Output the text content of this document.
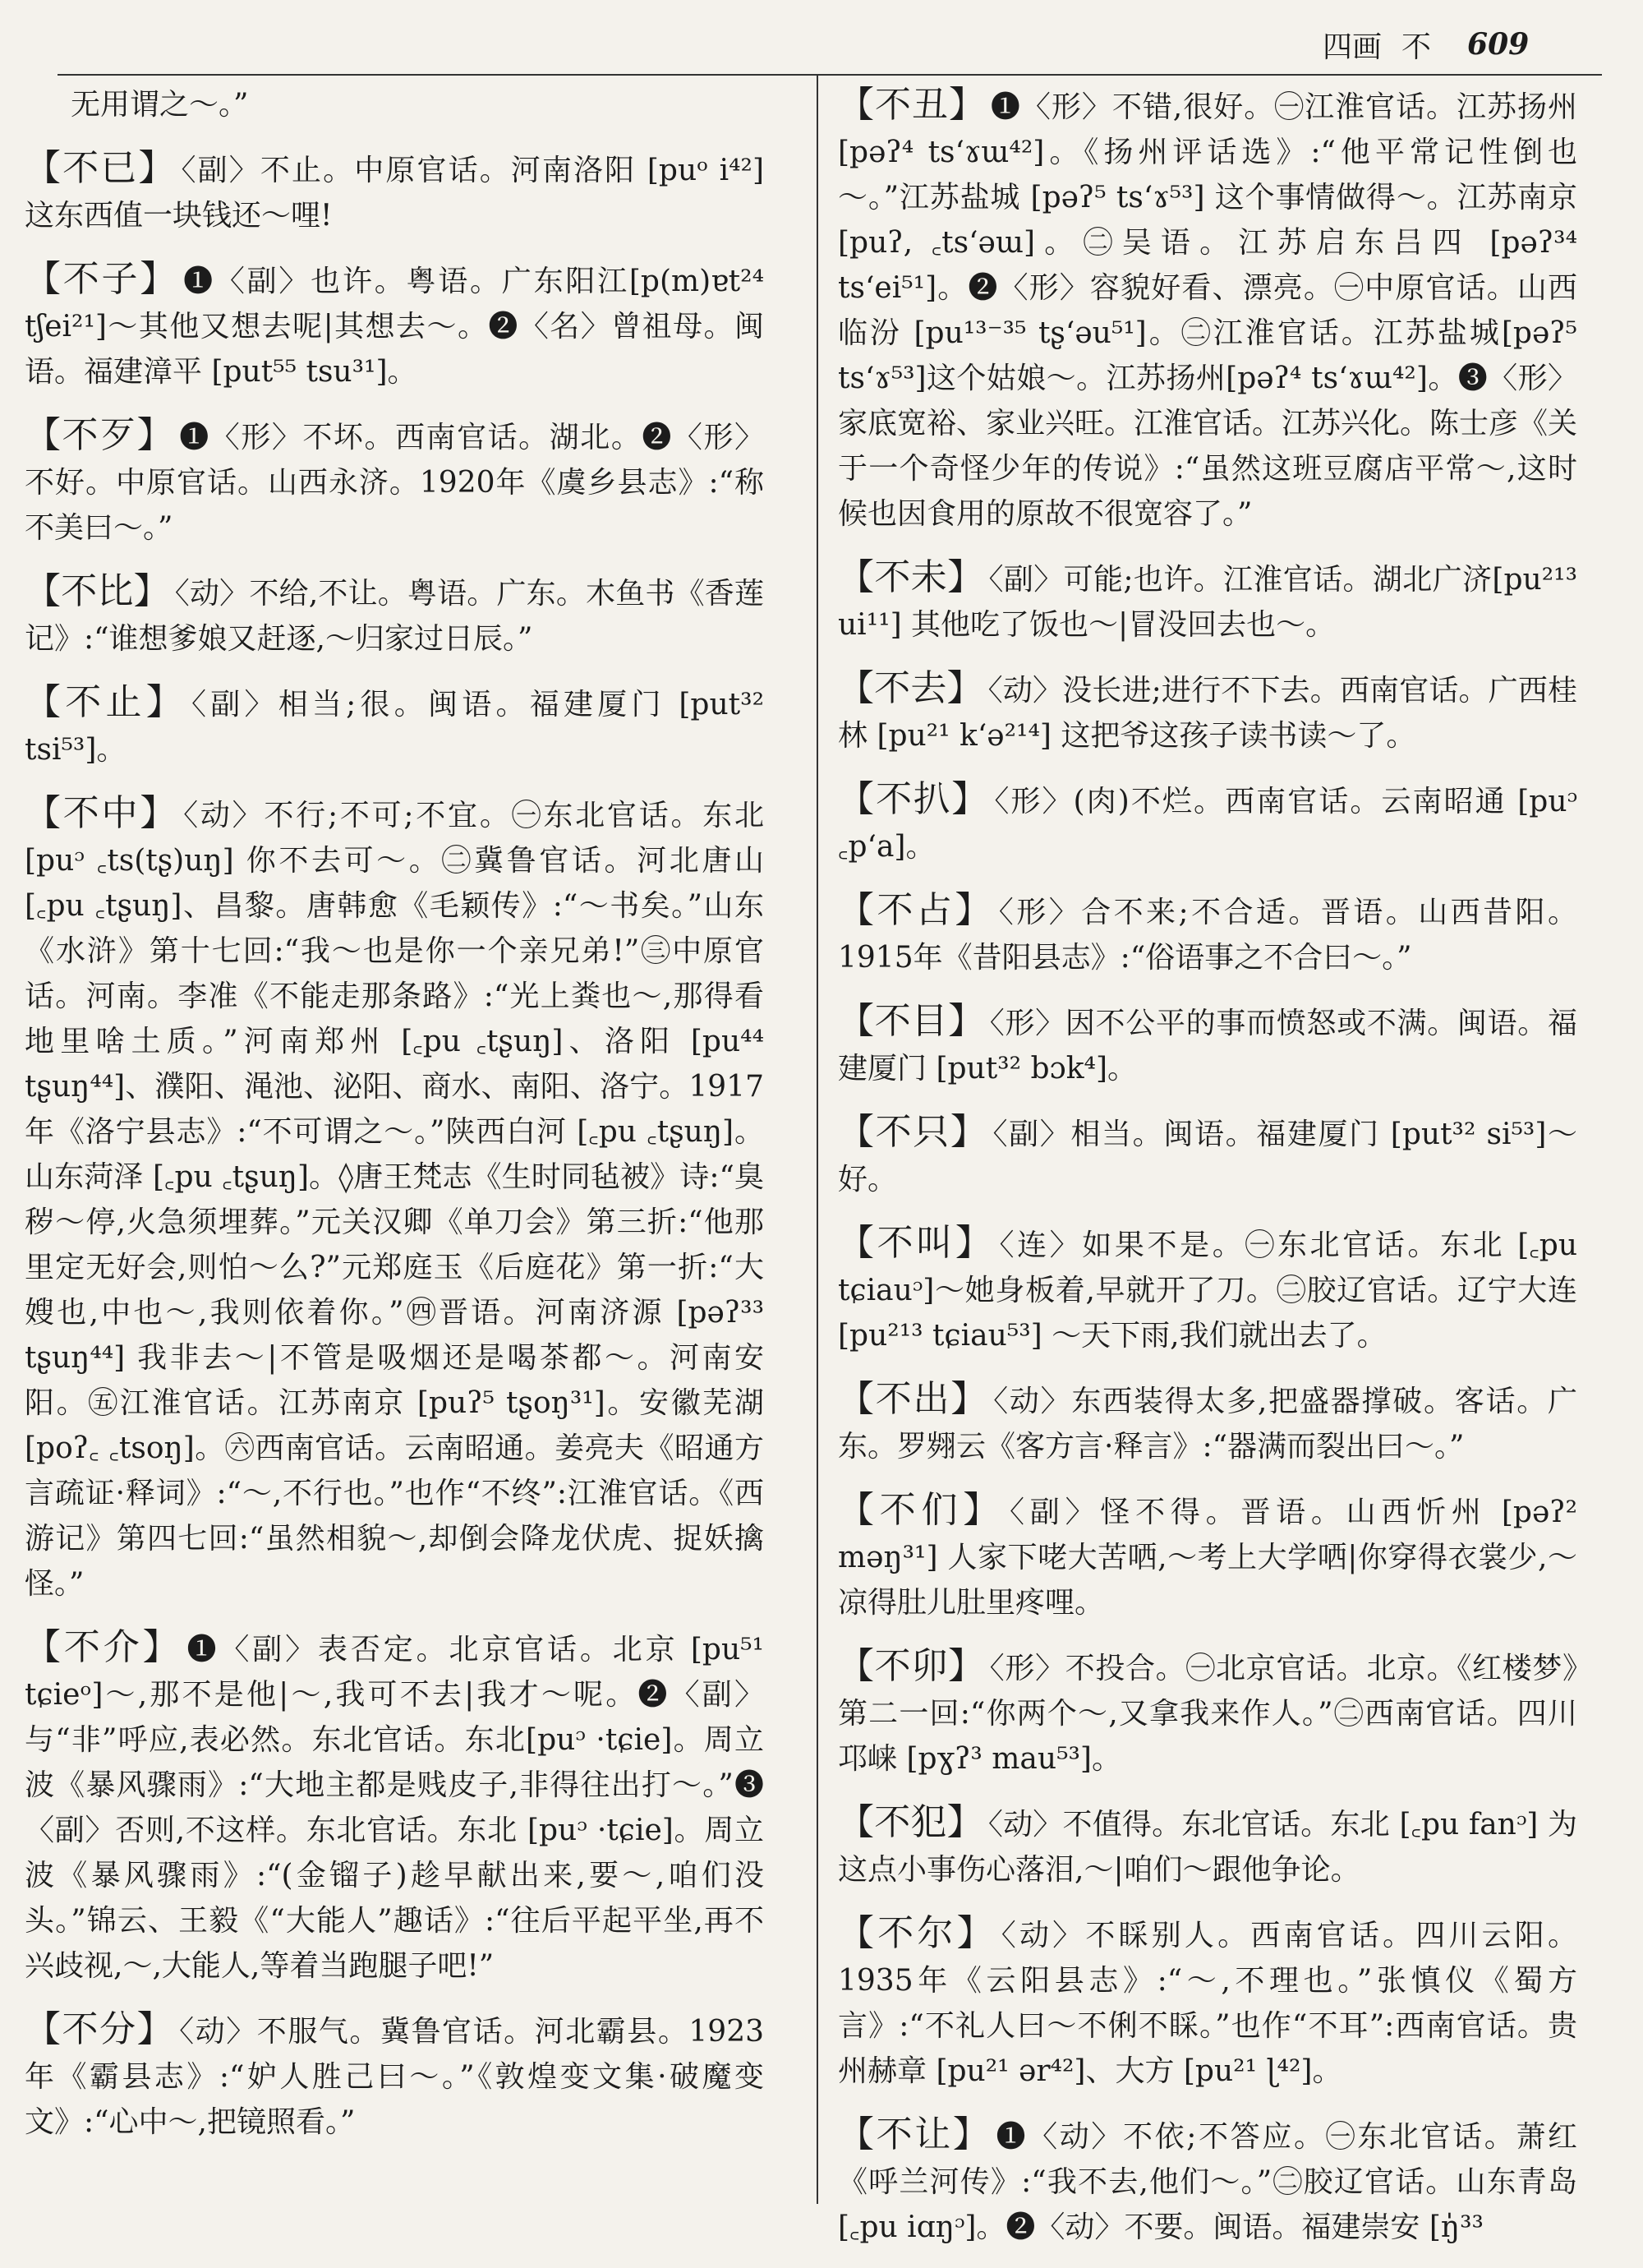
四画 不 609
无用谓之～。”
【不已】 〈副〉不止。中原官话。河南洛阳 [puᵒ i⁴²] 这东西值一块钱还～哩!
【不子】 ❶〈副〉也许。粤语。广东阳江[p(m)ɐt²⁴ tʃei²¹]～其他又想去呢|其想去～。❷〈名〉曾祖母。闽语。福建漳平 [put⁵⁵ tsu³¹]。
【不歹】 ❶〈形〉不坏。西南官话。湖北。❷〈形〉不好。中原官话。山西永济。1920年《虞乡县志》:“称不美曰～。”
【不比】 〈动〉不给,不让。粤语。广东。木鱼书《香莲记》:“谁想爹娘又赶逐,～归家过日辰。”
【不止】 〈副〉相当;很。闽语。福建厦门 [put³² tsi⁵³]。
【不中】 〈动〉不行;不可;不宜。㊀东北官话。东北 [puᵓ ꜀ts(tʂ)uŋ] 你不去可～。㊁冀鲁官话。河北唐山[꜀pu ꜀tʂuŋ]、昌黎。唐韩愈《毛颖传》:“～书矣。”山东《水浒》第十七回:“我～也是你一个亲兄弟!”㊂中原官话。河南。李准《不能走那条路》:“光上粪也～,那得看地里啥土质。”河南郑州 [꜀pu ꜀tʂuŋ]、洛阳 [pu⁴⁴ tʂuŋ⁴⁴]、濮阳、渑池、泌阳、商水、南阳、洛宁。1917年《洛宁县志》:“不可谓之～。”陕西白河 [꜀pu ꜀tʂuŋ]。山东菏泽 [꜀pu ꜀tʂuŋ]。◊唐王梵志《生时同毡被》诗:“臭秽～停,火急须埋葬。”元关汉卿《单刀会》第三折:“他那里定无好会,则怕～么?”元郑庭玉《后庭花》第一折:“大嫂也,中也～,我则依着你。”㊃晋语。河南济源 [pəʔ³³ tʂuŋ⁴⁴] 我非去～|不管是吸烟还是喝茶都～。河南安阳。㊄江淮官话。江苏南京 [puʔ⁵ tʂoŋ³¹]。安徽芜湖[poʔ꜀ ꜀tsoŋ]。㊅西南官话。云南昭通。姜亮夫《昭通方言疏证·释词》:“～,不行也。”也作“不终”:江淮官话。《西游记》第四七回:“虽然相貌～,却倒会降龙伏虎、捉妖擒怪。”
【不介】 ❶〈副〉表否定。北京官话。北京 [pu⁵¹ tɕieᵒ]～,那不是他|～,我可不去|我才～呢。❷〈副〉与“非”呼应,表必然。东北官话。东北[puᵓ ·tɕie]。周立波《暴风骤雨》:“大地主都是贱皮子,非得往出打～。”❸〈副〉否则,不这样。东北官话。东北 [puᵓ ·tɕie]。周立波《暴风骤雨》:“(金镏子)趁早献出来,要～,咱们没头。”锦云、王毅《“大能人”趣话》:“往后平起平坐,再不兴歧视,～,大能人,等着当跑腿子吧!”
【不分】 〈动〉不服气。冀鲁官话。河北霸县。1923年《霸县志》:“妒人胜己曰～。”《敦煌变文集·破魔变文》:“心中～,把镜照看。”
【不丑】 ❶〈形〉不错,很好。㊀江淮官话。江苏扬州 [pəʔ⁴ tsʻɤɯ⁴²]。《扬州评话选》:“他平常记性倒也～。”江苏盐城 [pəʔ⁵ tsʻɤ⁵³] 这个事情做得～。江苏南京 [puʔ, ꜀tsʻəɯ]。㊁吴语。江苏启东吕四 [pəʔ³⁴ tsʻei⁵¹]。❷〈形〉容貌好看、漂亮。㊀中原官话。山西临汾 [pu¹³⁻³⁵ tʂʻəu⁵¹]。㊁江淮官话。江苏盐城[pəʔ⁵ tsʻɤ⁵³]这个姑娘～。江苏扬州[pəʔ⁴ tsʻɤɯ⁴²]。❸〈形〉家底宽裕、家业兴旺。江淮官话。江苏兴化。陈士彦《关于一个奇怪少年的传说》:“虽然这班豆腐店平常～,这时候也因食用的原故不很宽容了。”
【不未】 〈副〉可能;也许。江淮官话。湖北广济[pu²¹³ ui¹¹] 其他吃了饭也～|冒没回去也～。
【不去】 〈动〉没长进;进行不下去。西南官话。广西桂林 [pu²¹ kʻə²¹⁴] 这把爷这孩子读书读～了。
【不扒】 〈形〉(肉)不烂。西南官话。云南昭通 [puᵓ ꜀pʻa]。
【不占】 〈形〉合不来;不合适。晋语。山西昔阳。1915年《昔阳县志》:“俗语事之不合曰～。”
【不目】 〈形〉因不公平的事而愤怒或不满。闽语。福建厦门 [put³² bɔk⁴]。
【不只】 〈副〉相当。闽语。福建厦门 [put³² si⁵³]～好。
【不叫】 〈连〉如果不是。㊀东北官话。东北 [꜀pu tɕiauᵓ]～她身板着,早就开了刀。㊁胶辽官话。辽宁大连 [pu²¹³ tɕiau⁵³] ～天下雨,我们就出去了。
【不出】 〈动〉东西装得太多,把盛器撑破。客话。广东。罗翙云《客方言·释言》:“器满而裂出曰～。”
【不们】 〈副〉怪不得。晋语。山西忻州 [pəʔ² məŋ³¹] 人家下咾大苦哂,～考上大学哂|你穿得衣裳少,～凉得肚儿肚里疼哩。
【不卯】 〈形〉不投合。㊀北京官话。北京。《红楼梦》第二一回:“你两个～,又拿我来作人。”㊁西南官话。四川邛崃 [pɣʔ³ mau⁵³]。
【不犯】 〈动〉不值得。东北官话。东北 [꜀pu fanᵓ] 为这点小事伤心落泪,～|咱们～跟他争论。
【不尔】 〈动〉不睬别人。西南官话。四川云阳。1935年《云阳县志》:“～,不理也。”张慎仪《蜀方言》:“不礼人曰～不俐不睬。”也作“不耳”:西南官话。贵州赫章 [pu²¹ ər⁴²]、大方 [pu²¹ ɭ⁴²]。
【不让】 ❶〈动〉不依;不答应。㊀东北官话。萧红《呼兰河传》:“我不去,他们～。”㊁胶辽官话。山东青岛 [꜀pu iɑŋᵓ]。❷〈动〉不要。闽语。福建崇安 [ŋ̍³³
